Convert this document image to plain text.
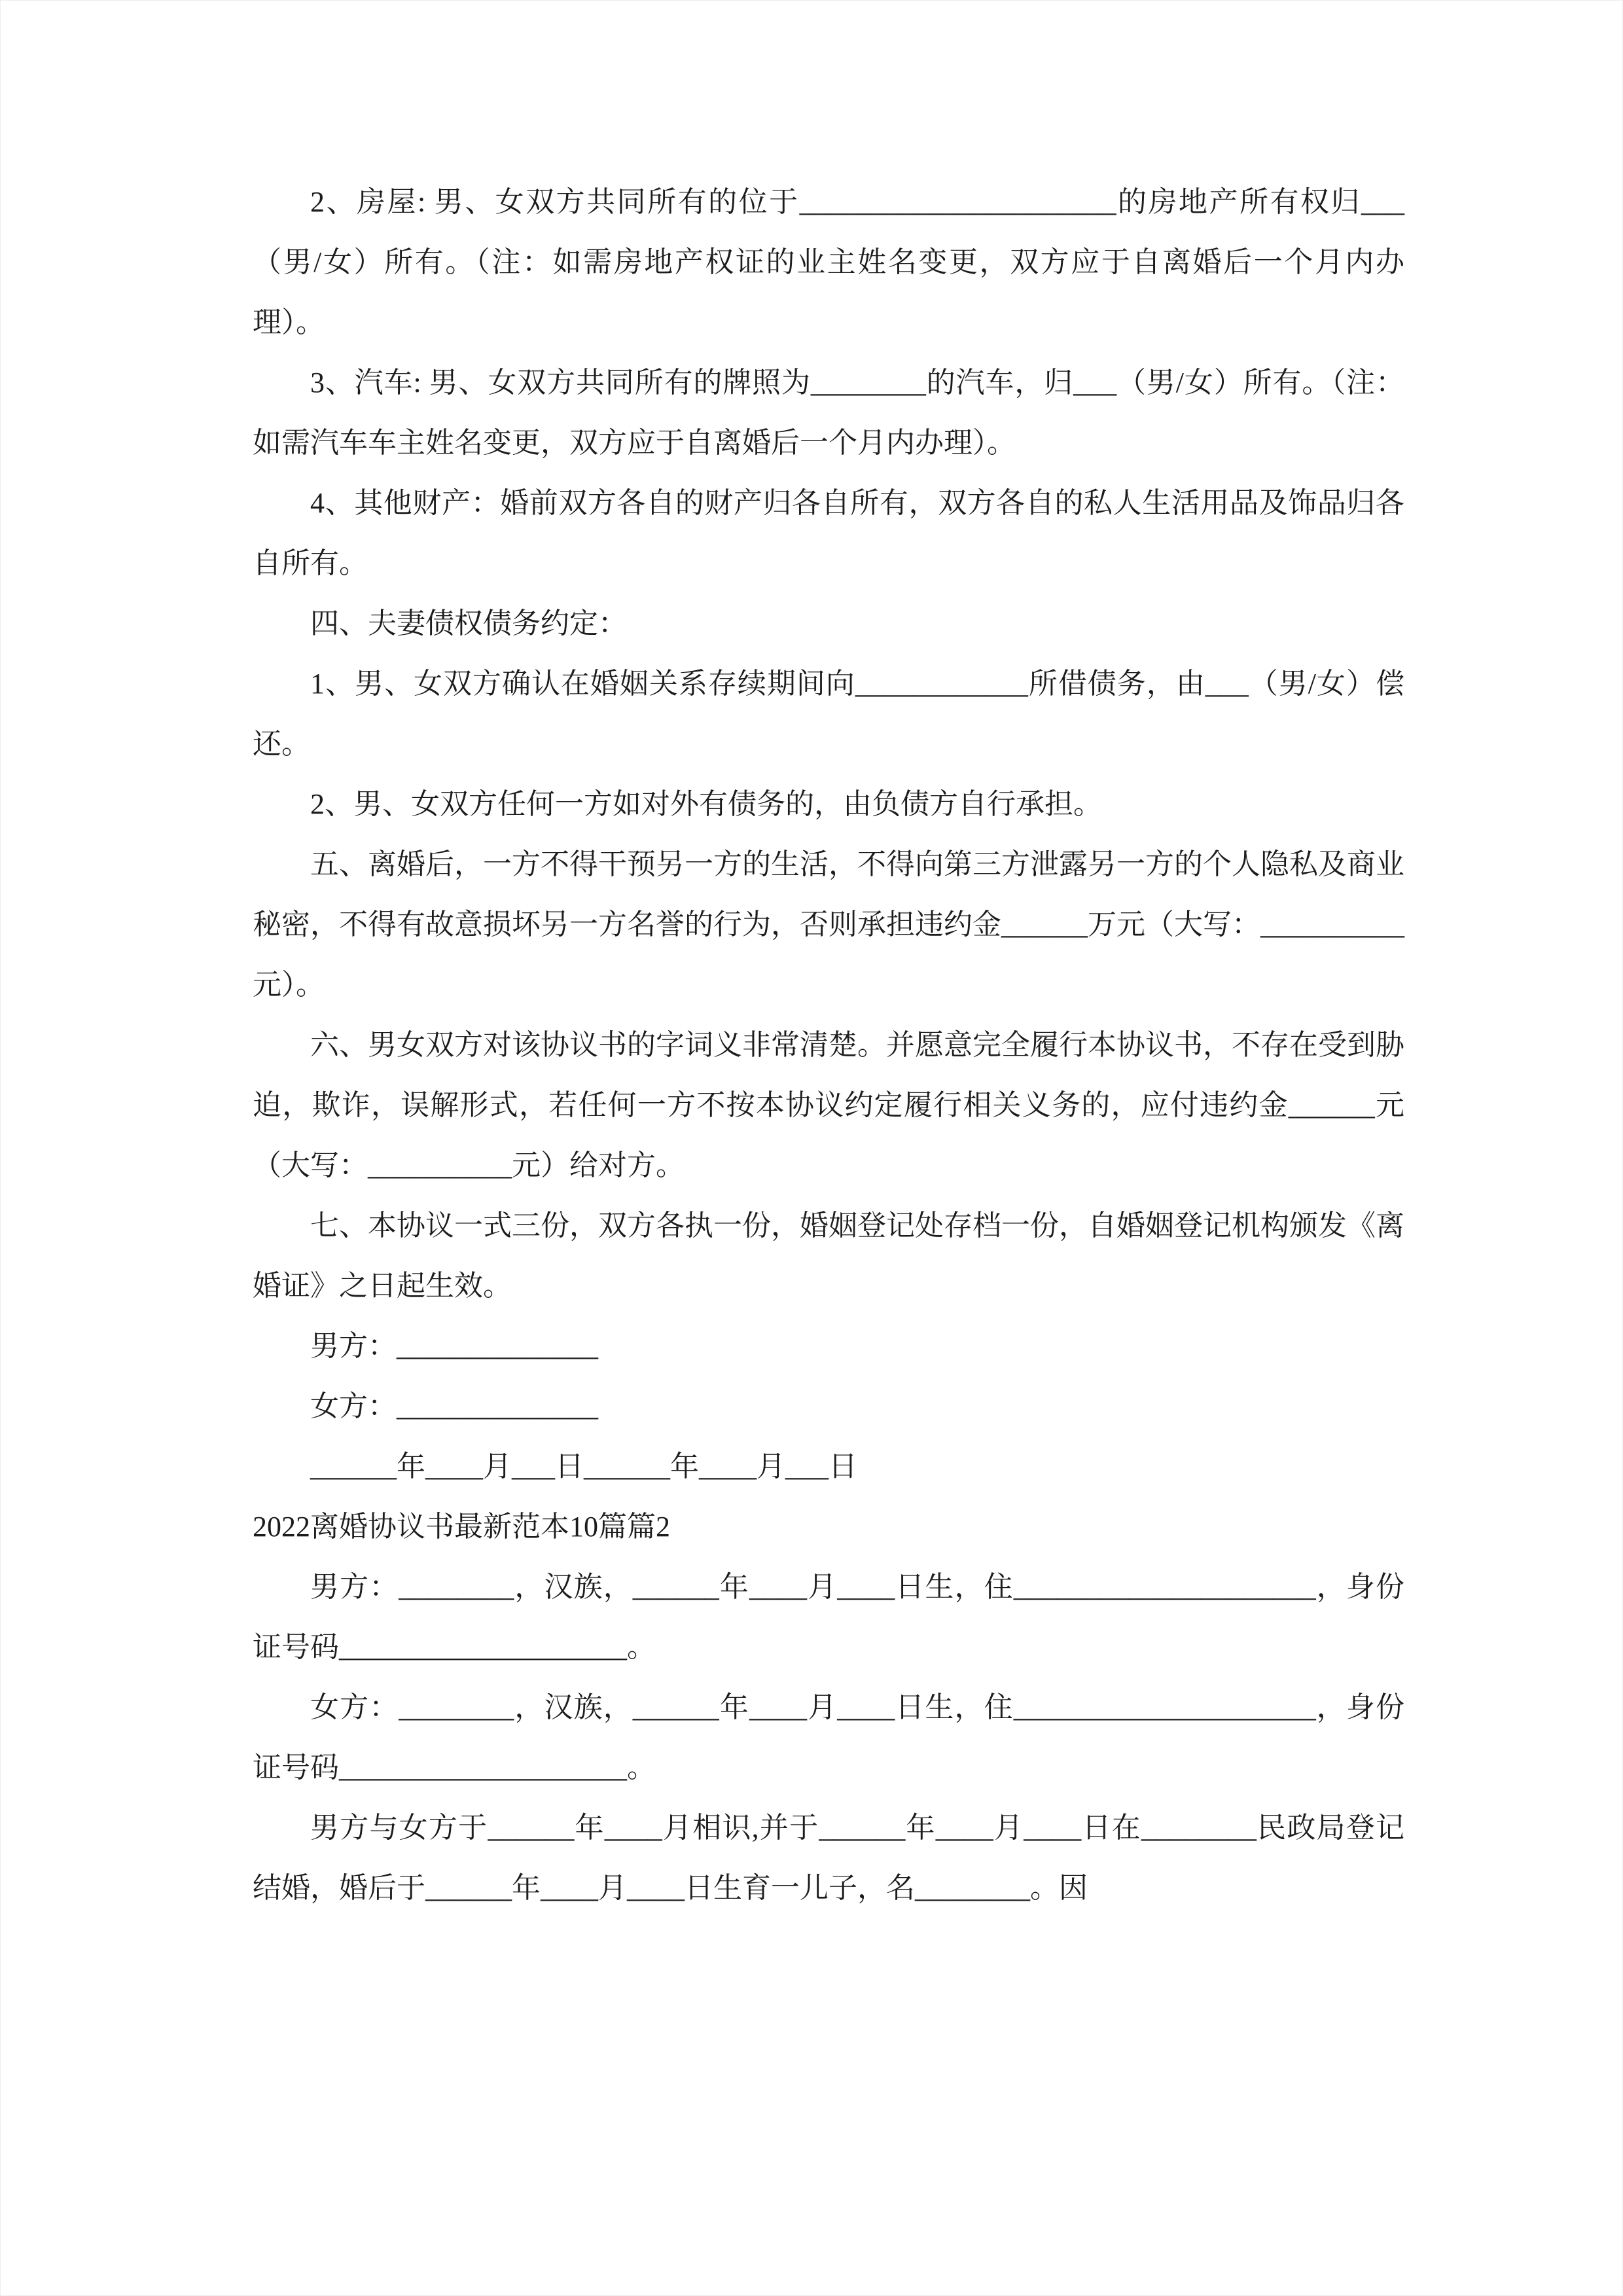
2、房屋: 男、女双方共同所有的位于______________________的房地产所有权归___（男/女）所有。（注：如需房地产权证的业主姓名变更，双方应于自离婚后一个月内办理）。

3、汽车: 男、女双方共同所有的牌照为________的汽车，归___（男/女）所有。（注：如需汽车车主姓名变更，双方应于自离婚后一个月内办理）。

4、其他财产：婚前双方各自的财产归各自所有，双方各自的私人生活用品及饰品归各自所有。

四、夫妻债权债务约定：

1、男、女双方确认在婚姻关系存续期间向____________所借债务，由___（男/女）偿还。

2、男、女双方任何一方如对外有债务的，由负债方自行承担。

五、离婚后，一方不得干预另一方的生活，不得向第三方泄露另一方的个人隐私及商业秘密，不得有故意损坏另一方名誉的行为，否则承担违约金______万元（大写：__________元）。

六、男女双方对该协议书的字词义非常清楚。并愿意完全履行本协议书，不存在受到胁迫，欺诈，误解形式，若任何一方不按本协议约定履行相关义务的，应付违约金______元（大写：__________元）给对方。

七、本协议一式三份，双方各执一份，婚姻登记处存档一份，自婚姻登记机构颁发《离婚证》之日起生效。

男方：______________

女方：______________

______年____月___日______年____月___日

2022离婚协议书最新范本10篇篇2

男方：________，汉族，______年____月____日生，住_____________________，身份证号码____________________。

女方：________，汉族，______年____月____日生，住_____________________，身份证号码____________________。

男方与女方于______年____月相识,并于______年____月____日在________民政局登记结婚，婚后于______年____月____日生育一儿子，名________。因
